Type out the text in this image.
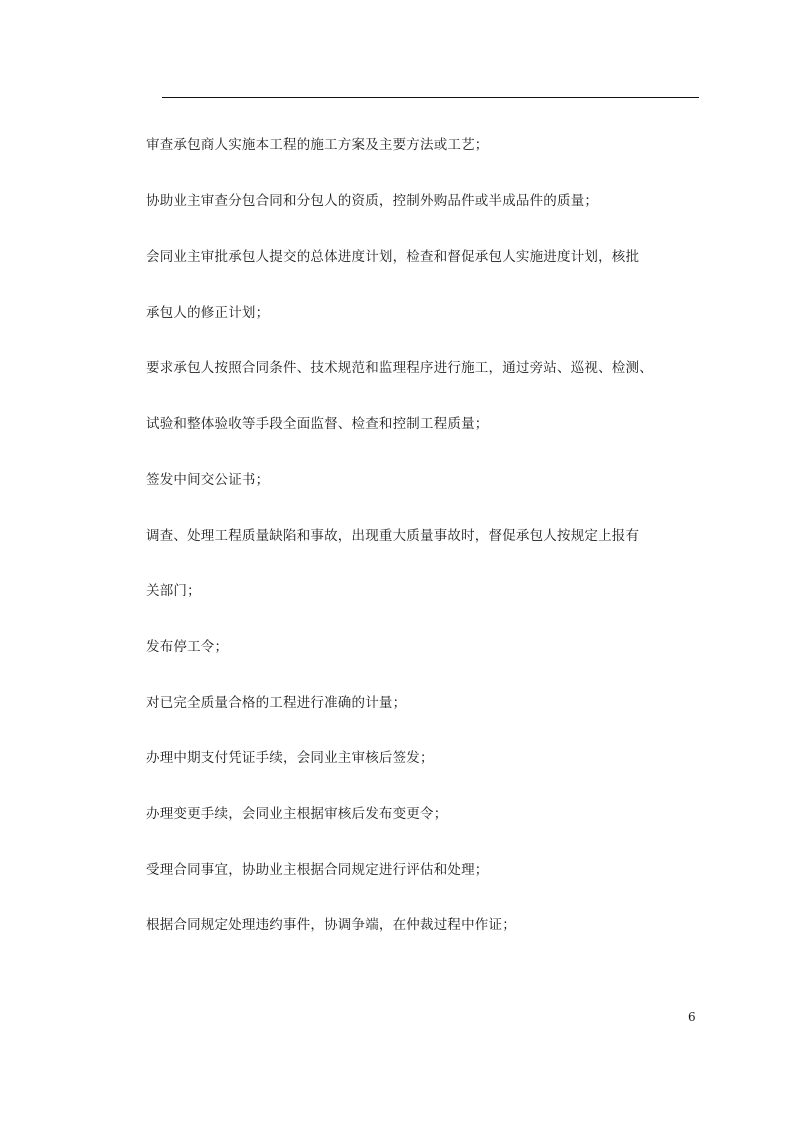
审查承包商人实施本工程的施工方案及主要方法或工艺；
协助业主审查分包合同和分包人的资质，控制外购品件或半成品件的质量；
会同业主审批承包人提交的总体进度计划，检查和督促承包人实施进度计划，核批
承包人的修正计划；
要求承包人按照合同条件、技术规范和监理程序进行施工，通过旁站、巡视、检测、
试验和整体验收等手段全面监督、检查和控制工程质量；
签发中间交公证书；
调查、处理工程质量缺陷和事故，出现重大质量事故时，督促承包人按规定上报有
关部门；
发布停工令；
对已完全质量合格的工程进行准确的计量；
办理中期支付凭证手续，会同业主审核后签发；
办理变更手续，会同业主根据审核后发布变更令；
受理合同事宜，协助业主根据合同规定进行评估和处理；
根据合同规定处理违约事件，协调争端，在仲裁过程中作证；
6
